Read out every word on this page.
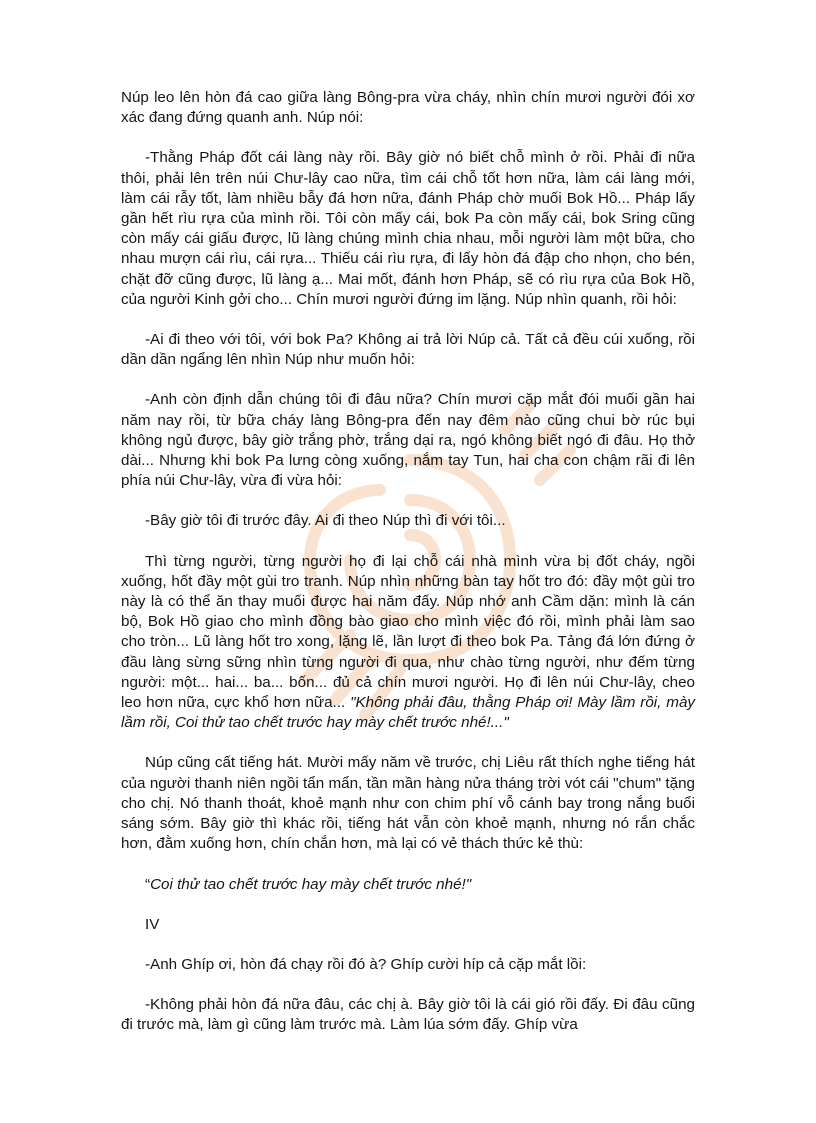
Núp leo lên hòn đá cao giữa làng Bông-pra vừa cháy, nhìn chín mươi người đói xơ xác đang đứng quanh anh. Núp nói:

-Thằng Pháp đốt cái làng này rồi. Bây giờ nó biết chỗ mình ở rồi. Phải đi nữa thôi, phải lên trên núi Chư-lây cao nữa, tìm cái chỗ tốt hơn nữa, làm cái làng mới, làm cái rẫy tốt, làm nhiều bẫy đá hơn nữa, đánh Pháp chờ muối Bok Hồ... Pháp lấy gần hết rìu rựa của mình rồi. Tôi còn mấy cái, bok Pa còn mấy cái, bok Sring cũng còn mấy cái giấu được, lũ làng chúng mình chia nhau, mỗi người làm một bữa, cho nhau mượn cái rìu, cái rựa... Thiếu cái rìu rựa, đi lấy hòn đá đập cho nhọn, cho bén, chặt đỡ cũng được, lũ làng ạ... Mai mốt, đánh hơn Pháp, sẽ có rìu rựa của Bok Hồ, của người Kinh gởi cho... Chín mươi người đứng im lặng. Núp nhìn quanh, rồi hỏi:

-Ai đi theo với tôi, với bok Pa? Không ai trả lời Núp cả. Tất cả đều cúi xuống, rồi dần dần ngẩng lên nhìn Núp như muốn hỏi:

-Anh còn định dẫn chúng tôi đi đâu nữa? Chín mươi cặp mắt đói muối gần hai năm nay rồi, từ bữa cháy làng Bông-pra đến nay đêm nào cũng chui bờ rúc bụi không ngủ được, bây giờ trắng phờ, trắng dại ra, ngó không biết ngó đi đâu. Họ thở dài... Nhưng khi bok Pa lưng còng xuống, nắm tay Tun, hai cha con chậm rãi đi lên phía núi Chư-lây, vừa đi vừa hỏi:

-Bây giờ tôi đi trước đây. Ai đi theo Núp thì đi với tôi...

Thì từng người, từng người họ đi lại chỗ cái nhà mình vừa bị đốt cháy, ngồi xuống, hốt đầy một gùi tro tranh. Núp nhìn những bàn tay hốt tro đó: đầy một gùi tro này là có thể ăn thay muối được hai năm đấy. Núp nhớ anh Cầm dặn: mình là cán bộ, Bok Hồ giao cho mình đồng bào giao cho mình việc đó rồi, mình phải làm sao cho tròn... Lũ làng hốt tro xong, lặng lẽ, lần lượt đi theo bok Pa. Tảng đá lớn đứng ở đầu làng sừng sững nhìn từng người đi qua, như chào từng người, như đếm từng người: một... hai... ba... bốn... đủ cả chín mươi người. Họ đi lên núi Chư-lây, cheo leo hơn nữa, cực khổ hơn nữa... "Không phải đâu, thằng Pháp ơi! Mày lầm rồi, mày lầm rồi, Coi thử tao chết trước hay mày chết trước nhé!..."

Núp cũng cất tiếng hát. Mười mấy năm về trước, chị Liêu rất thích nghe tiếng hát của người thanh niên ngồi tẩn mẩn, tần mần hàng nửa tháng trời vót cái "chum" tặng cho chị. Nó thanh thoát, khoẻ mạnh như con chim phí vỗ cánh bay trong nắng buổi sáng sớm. Bây giờ thì khác rồi, tiếng hát vẫn còn khoẻ mạnh, nhưng nó rắn chắc hơn, đằm xuống hơn, chín chắn hơn, mà lại có vẻ thách thức kẻ thù:

“Coi thử tao chết trước hay mày chết trước nhé!"

IV

-Anh Ghíp ơi, hòn đá chạy rồi đó à? Ghíp cười híp cả cặp mắt lồi:

-Không phải hòn đá nữa đâu, các chị à. Bây giờ tôi là cái gió rồi đấy. Đi đâu cũng đi trước mà, làm gì cũng làm trước mà. Làm lúa sớm đấy. Ghíp vừa
